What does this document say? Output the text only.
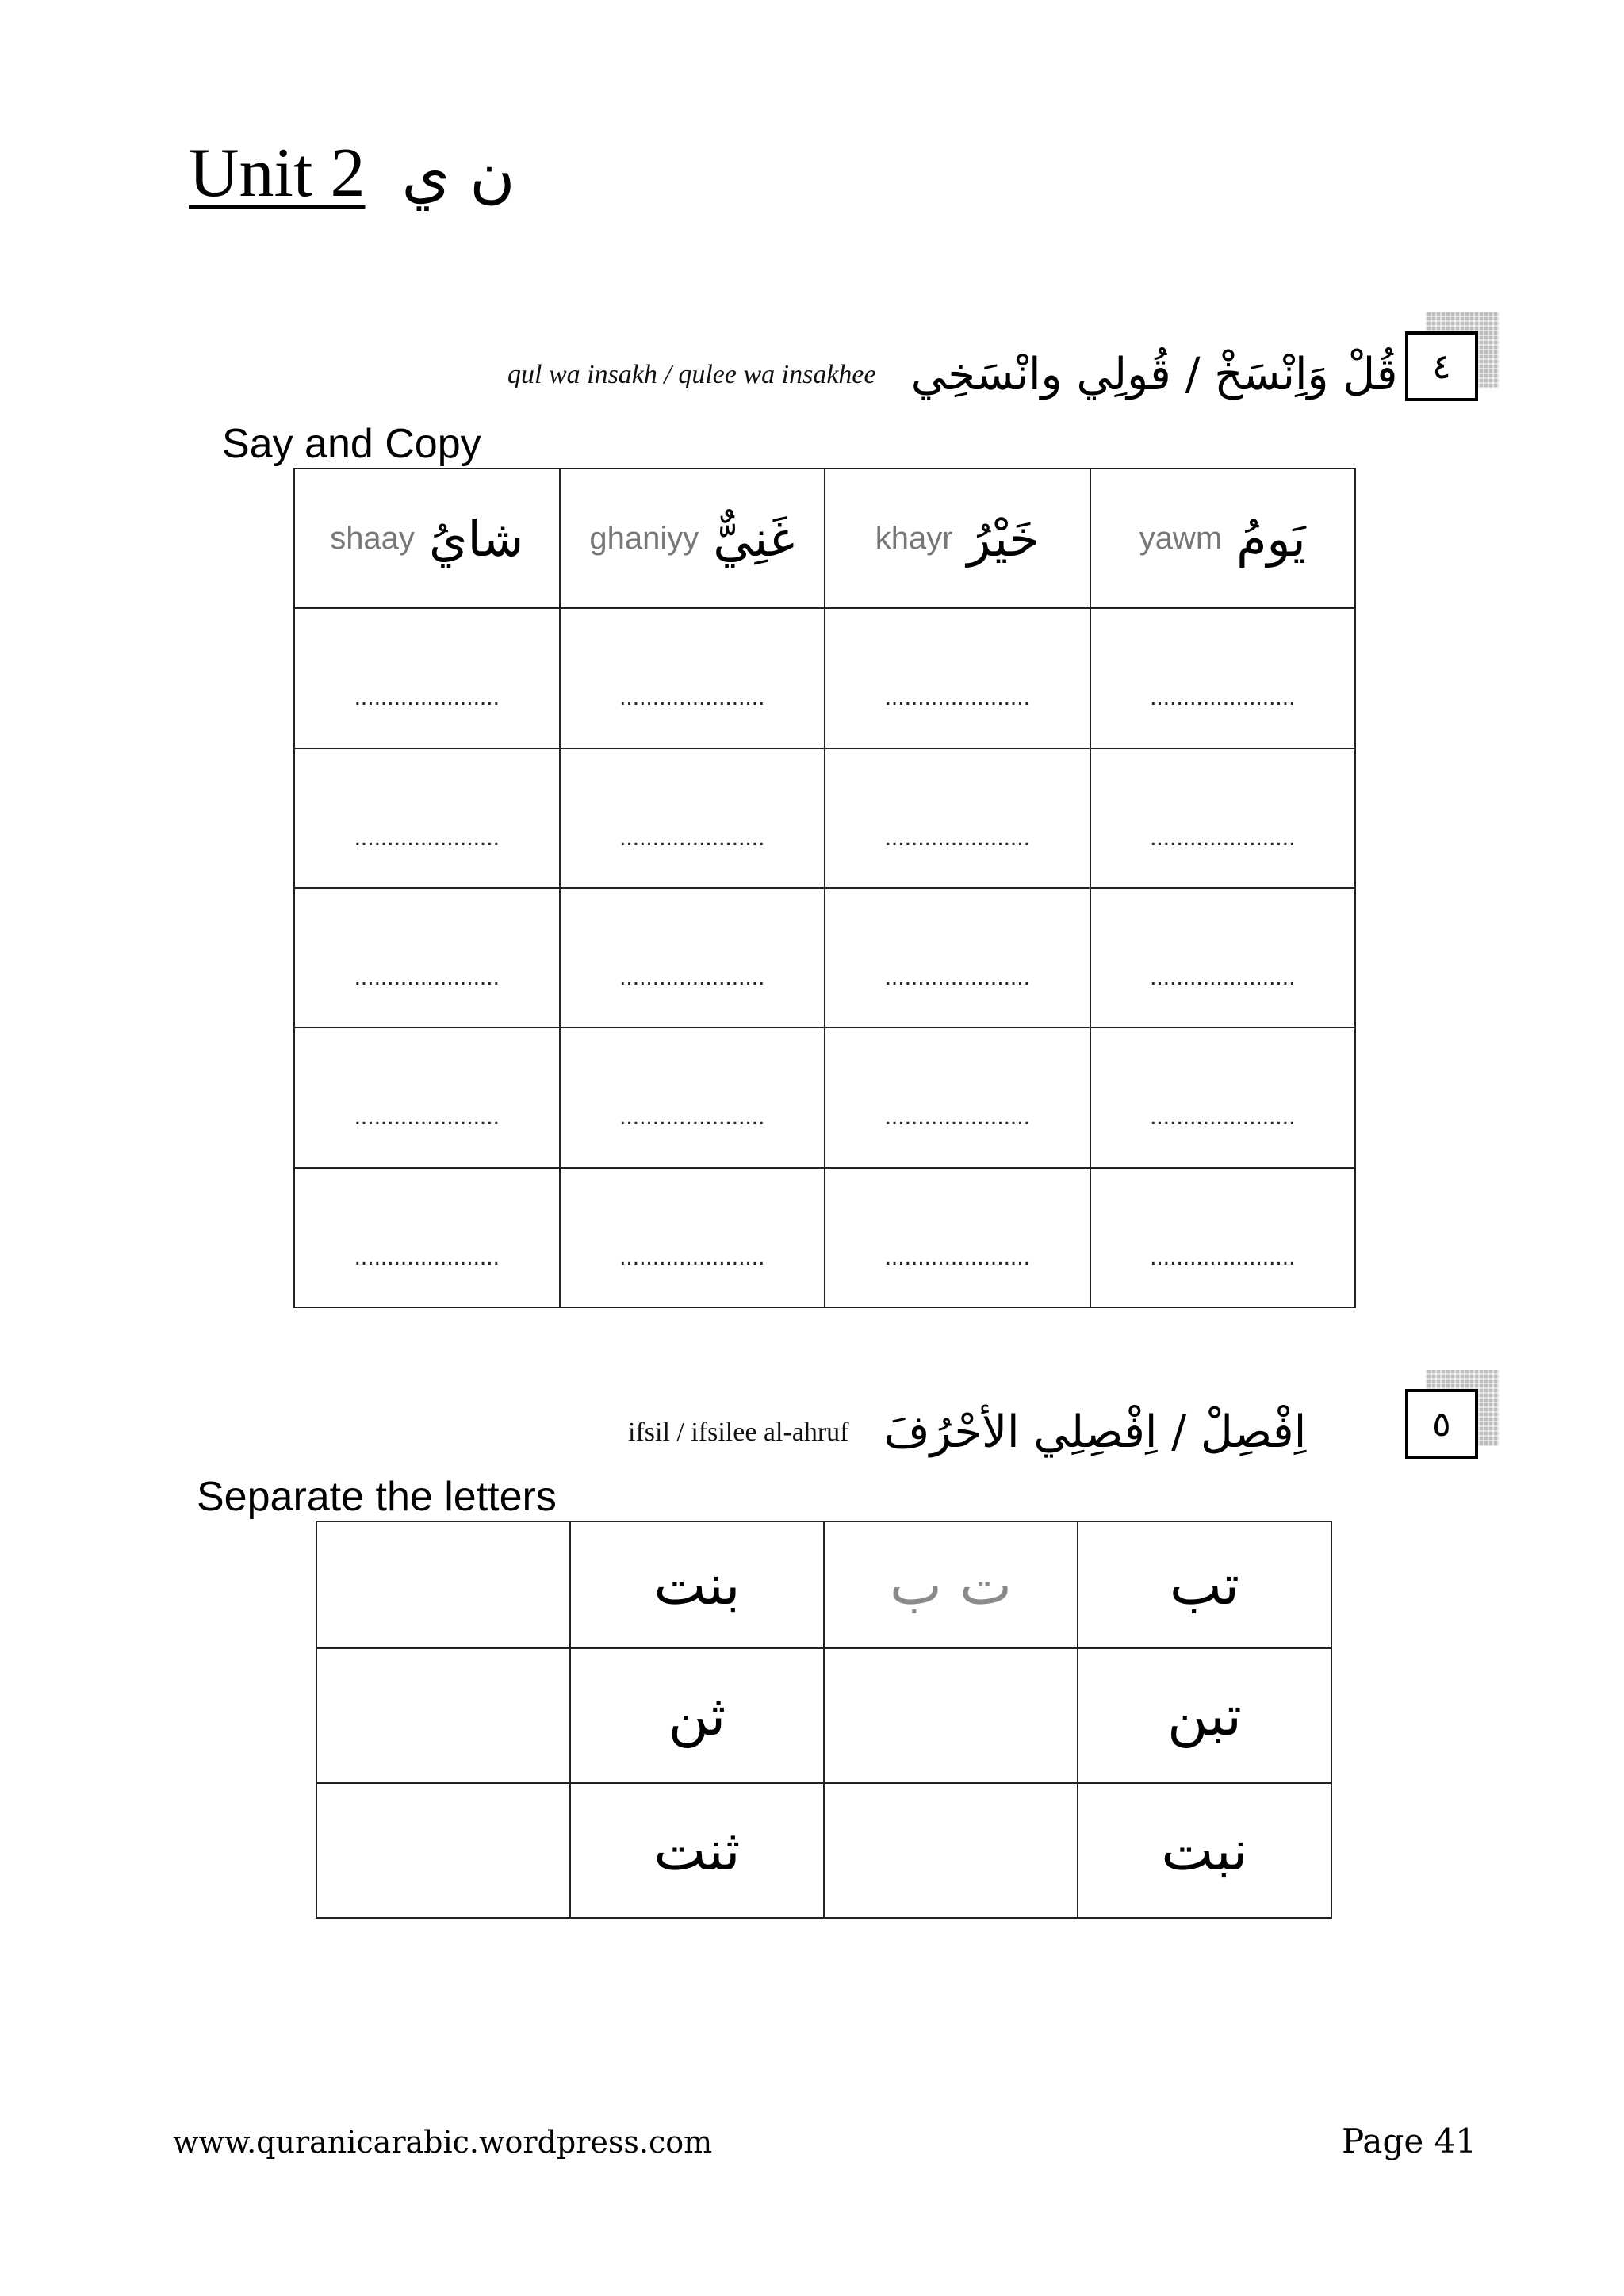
Unit 2 ن ي
qul wa insakh / qulee wa insakhee قُلْ وَاِنْسَخْ / قُولِي وانْسَخِي ٤
Say and Copy
shaay شايُ	ghaniyy غَنِيٌّ	khayr خَيْرُ	yawm يَومُ

......................	......................	......................	......................

......................	......................	......................	......................

......................	......................	......................	......................

......................	......................	......................	......................

......................	......................	......................	......................
ifsil / ifsilee al-ahruf اِفْصِلْ / اِفْصِلِي الأحْرُفَ	٥
Separate the letters
	بنت	ت ب	تب
	ثن		تبن
	ثنت		نبت
www.quranicarabic.wordpress.com	Page 41
